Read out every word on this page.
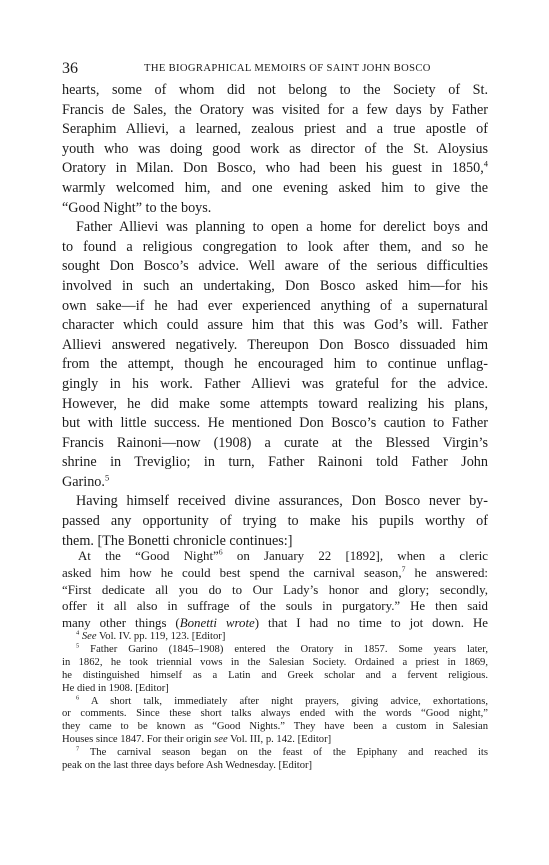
36	THE BIOGRAPHICAL MEMOIRS OF SAINT JOHN BOSCO
hearts, some of whom did not belong to the Society of St.
Francis de Sales, the Oratory was visited for a few days by Father
Seraphim Allievi, a learned, zealous priest and a true apostle of
youth who was doing good work as director of the St. Aloysius
Oratory in Milan. Don Bosco, who had been his guest in 1850,$^4$
warmly welcomed him, and one evening asked him to give the
“Good Night” to the boys.
Father Allievi was planning to open a home for derelict boys and
to found a religious congregation to look after them, and so he
sought Don Bosco’s advice. Well aware of the serious difficulties
involved in such an undertaking, Don Bosco asked him—for his
own sake—if he had ever experienced anything of a supernatural
character which could assure him that this was God’s will. Father
Allievi answered negatively. Thereupon Don Bosco dissuaded him
from the attempt, though he encouraged him to continue unflag-
gingly in his work. Father Allievi was grateful for the advice.
However, he did make some attempts toward realizing his plans,
but with little success. He mentioned Don Bosco’s caution to Father
Francis Rainoni—now (1908) a curate at the Blessed Virgin’s
shrine in Treviglio; in turn, Father Rainoni told Father John
Garino.$^5$
Having himself received divine assurances, Don Bosco never by-
passed any opportunity of trying to make his pupils worthy of
them. [The Bonetti chronicle continues:]
At the “Good Night”$^6$ on January 22 [1892], when a cleric
asked him how he could best spend the carnival season,$^7$ he answered:
“First dedicate all you do to Our Lady’s honor and glory; secondly,
offer it all also in suffrage of the souls in purgatory.” He then said
many other things (Bonetti wrote) that I had no time to jot down. He
$^4$ See Vol. IV. pp. 119, 123. [Editor]
$^5$ Father Garino (1845–1908) entered the Oratory in 1857. Some years later,
in 1862, he took triennial vows in the Salesian Society. Ordained a priest in 1869,
he distinguished himself as a Latin and Greek scholar and a fervent religious.
He died in 1908. [Editor]
$^6$ A short talk, immediately after night prayers, giving advice, exhortations,
or comments. Since these short talks always ended with the words “Good night,”
they came to be known as “Good Nights.” They have been a custom in Salesian
Houses since 1847. For their origin see Vol. III, p. 142. [Editor]
$^7$ The carnival season began on the feast of the Epiphany and reached its
peak on the last three days before Ash Wednesday. [Editor]
